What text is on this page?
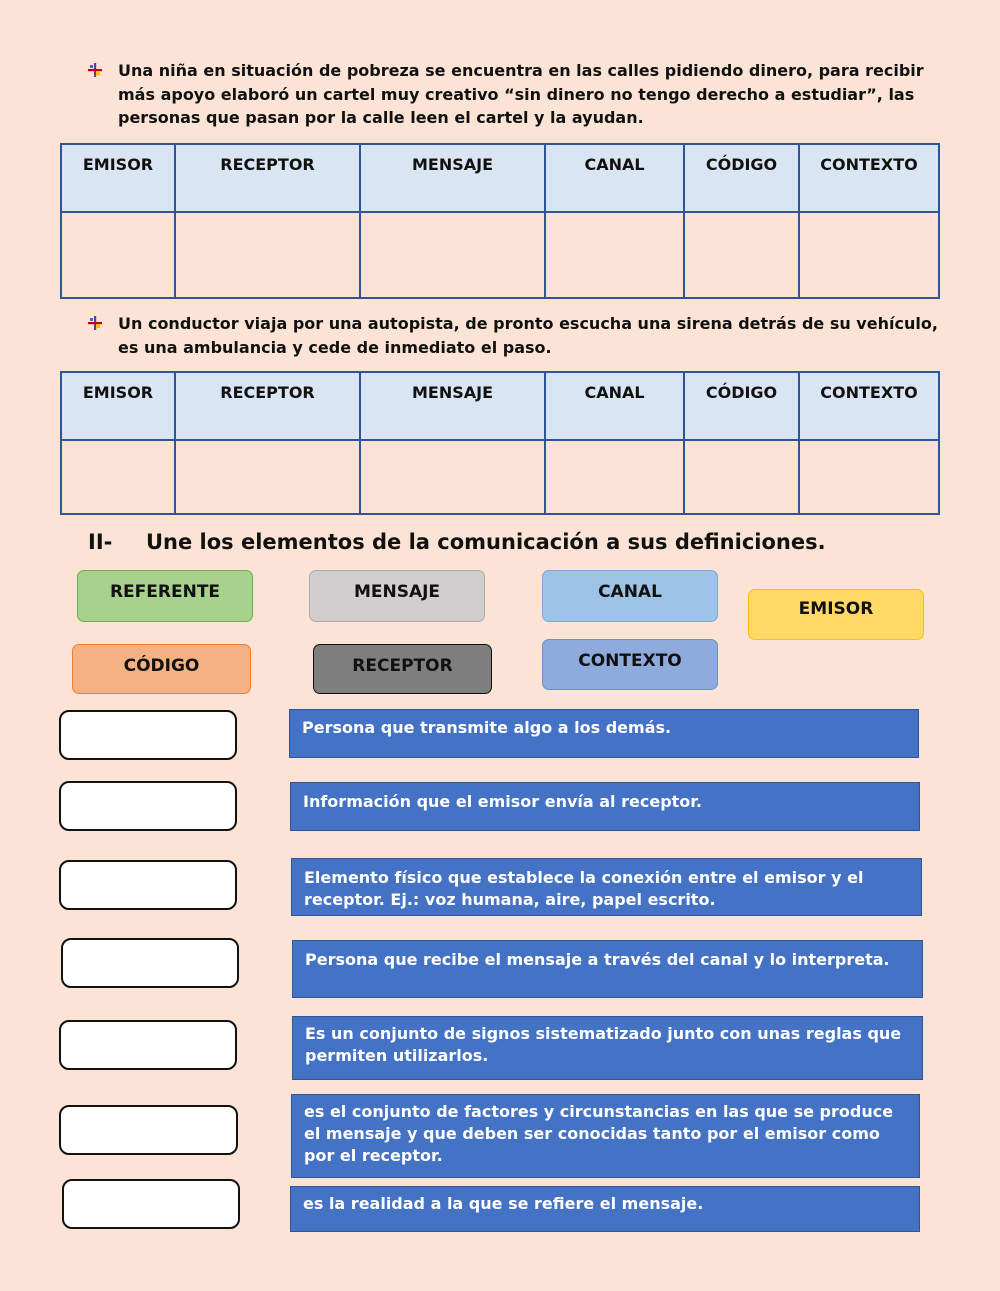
Una niña en situación de pobreza se encuentra en las calles pidiendo dinero, para recibir más apoyo elaboró un cartel muy creativo “sin dinero no tengo derecho a estudiar”, las personas que pasan por la calle leen el cartel y la ayudan.
EMISOR	RECEPTOR	MENSAJE	CANAL	CÓDIGO	CONTEXTO

Un conductor viaja por una autopista, de pronto escucha una sirena detrás de su vehículo, es una ambulancia y cede de inmediato el paso.
EMISOR	RECEPTOR	MENSAJE	CANAL	CÓDIGO	CONTEXTO

II- Une los elementos de la comunicación a sus definiciones.
REFERENTE	MENSAJE	CANAL
EMISOR
CÓDIGO	RECEPTOR	CONTEXTO
Persona que transmite algo a los demás.
Información que el emisor envía al receptor.
Elemento físico que establece la conexión entre el emisor y el receptor. Ej.: voz humana, aire, papel escrito.
Persona que recibe el mensaje a través del canal y lo interpreta.
Es un conjunto de signos sistematizado junto con unas reglas que permiten utilizarlos.
es el conjunto de factores y circunstancias en las que se produce el mensaje y que deben ser conocidas tanto por el emisor como por el receptor.
es la realidad a la que se refiere el mensaje.
